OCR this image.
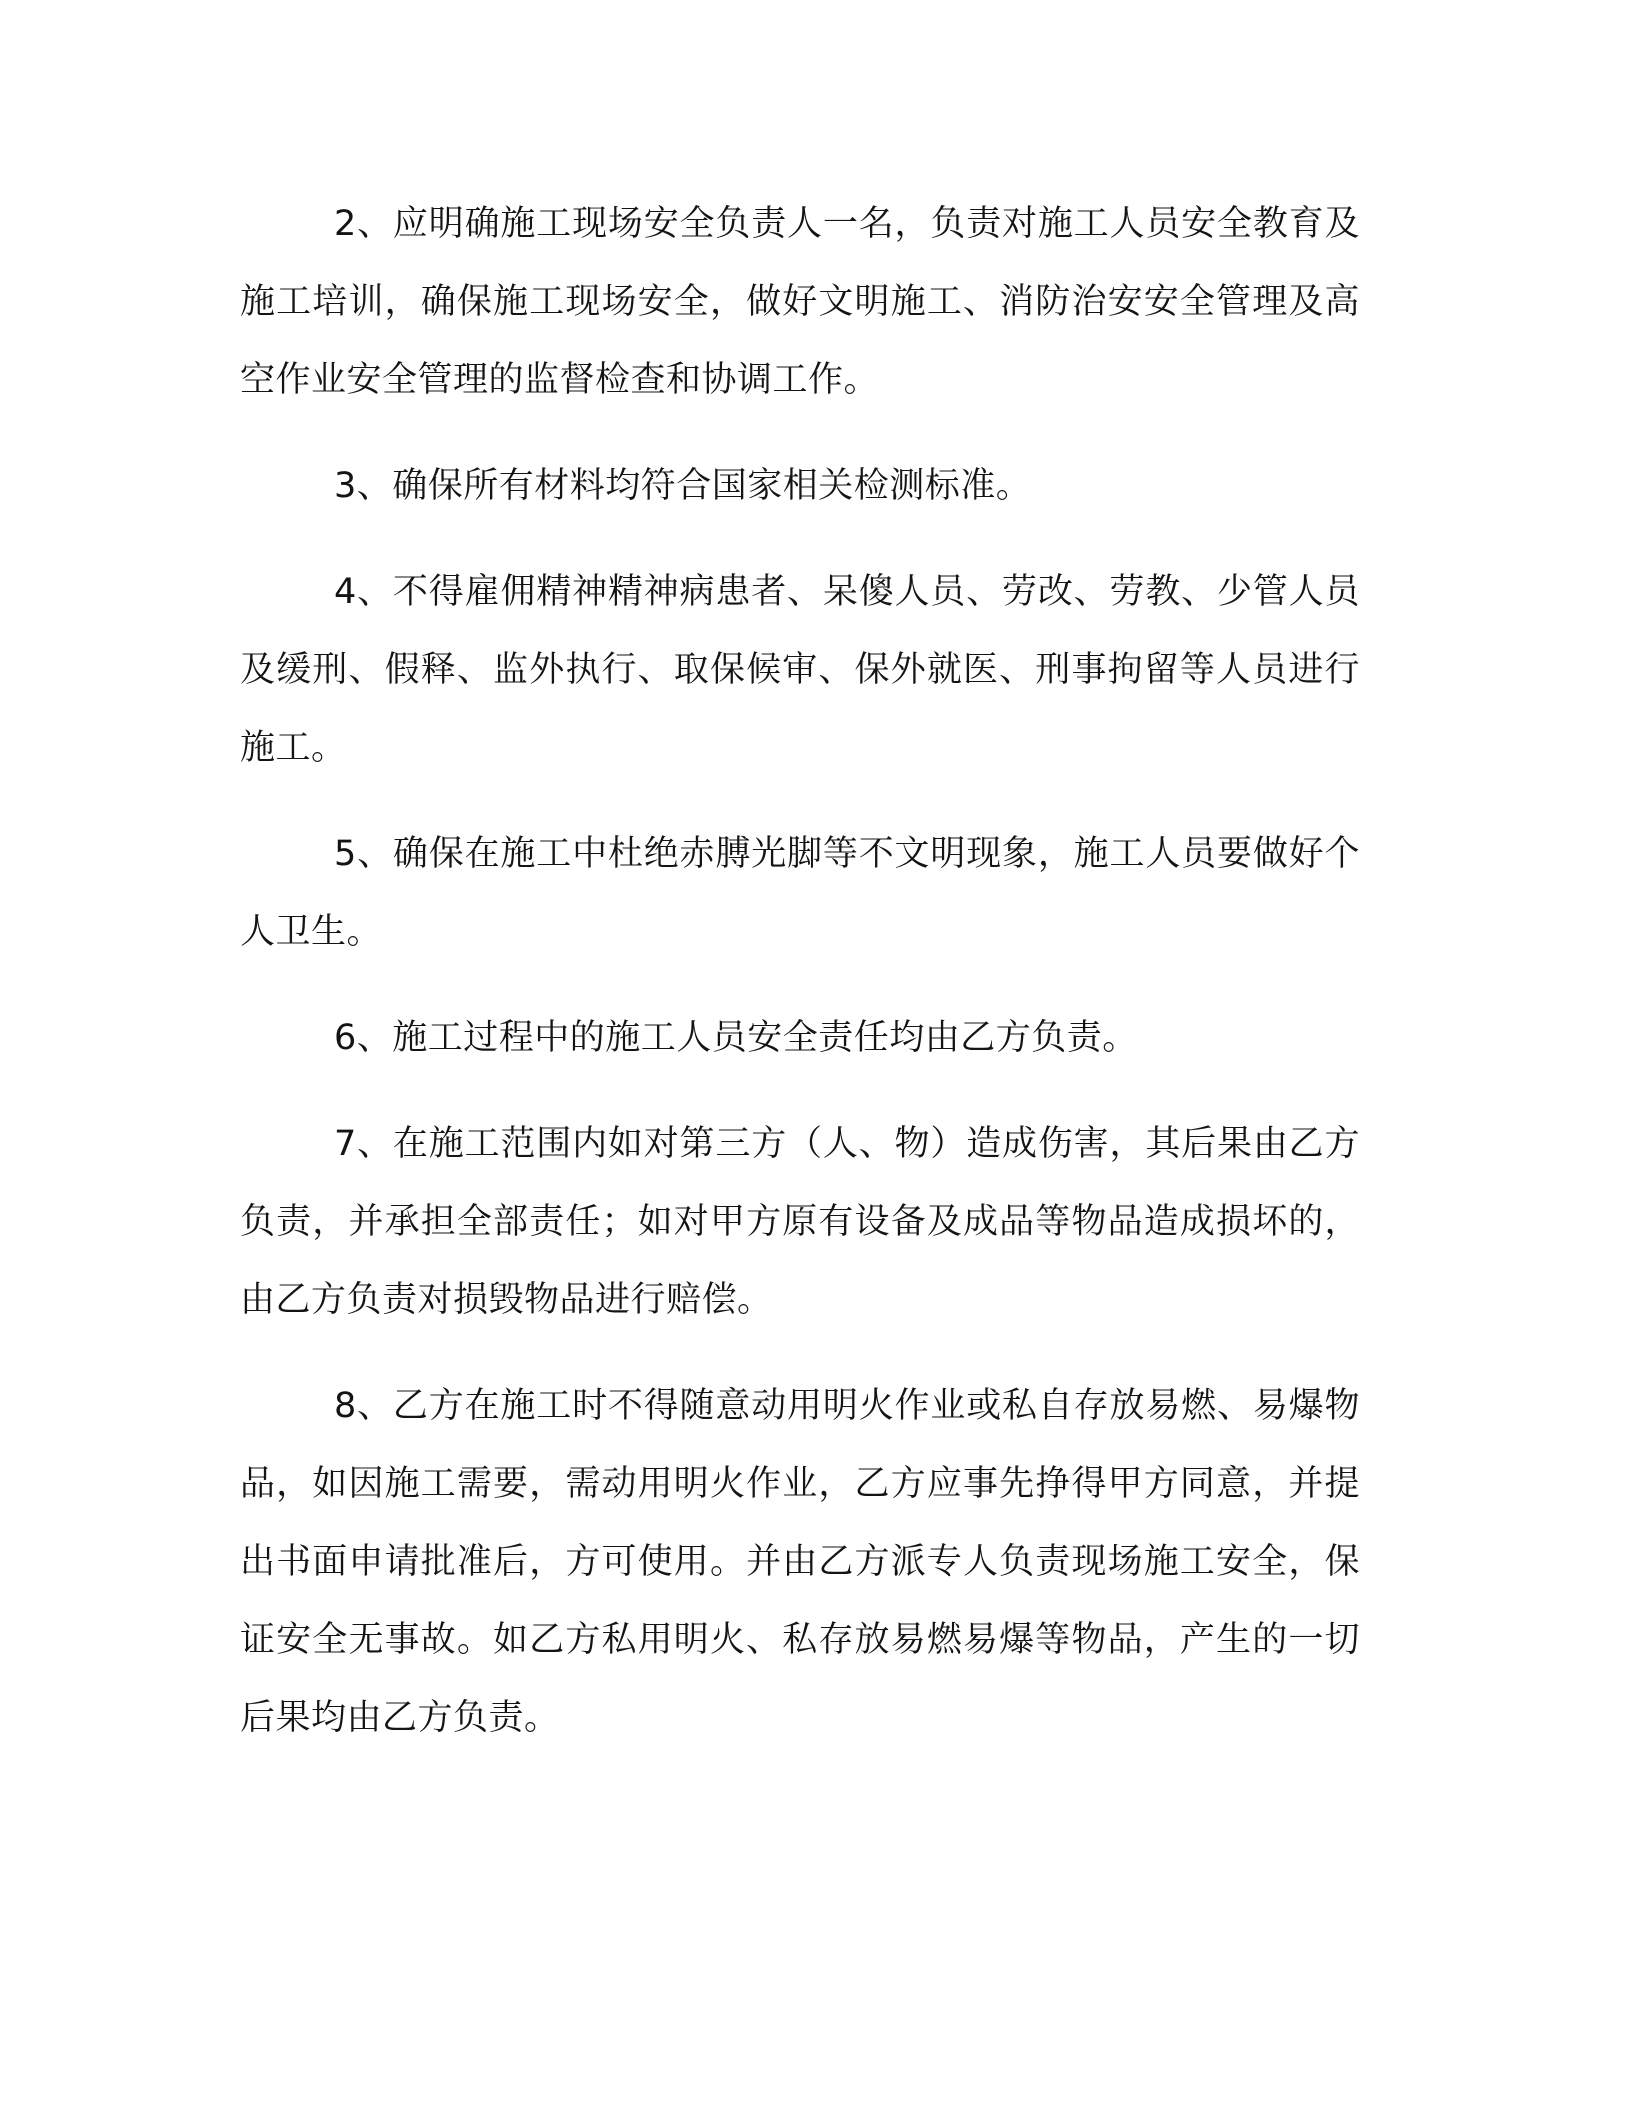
2、应明确施工现场安全负责人一名，负责对施工人员安全教育及施工培训，确保施工现场安全，做好文明施工、消防治安安全管理及高空作业安全管理的监督检查和协调工作。

3、确保所有材料均符合国家相关检测标准。

4、不得雇佣精神精神病患者、呆傻人员、劳改、劳教、少管人员及缓刑、假释、监外执行、取保候审、保外就医、刑事拘留等人员进行施工。

5、确保在施工中杜绝赤膊光脚等不文明现象，施工人员要做好个人卫生。

6、施工过程中的施工人员安全责任均由乙方负责。

7、在施工范围内如对第三方（人、物）造成伤害，其后果由乙方负责，并承担全部责任；如对甲方原有设备及成品等物品造成损坏的，由乙方负责对损毁物品进行赔偿。

8、乙方在施工时不得随意动用明火作业或私自存放易燃、易爆物品，如因施工需要，需动用明火作业，乙方应事先挣得甲方同意，并提出书面申请批准后，方可使用。并由乙方派专人负责现场施工安全，保证安全无事故。如乙方私用明火、私存放易燃易爆等物品，产生的一切后果均由乙方负责。
